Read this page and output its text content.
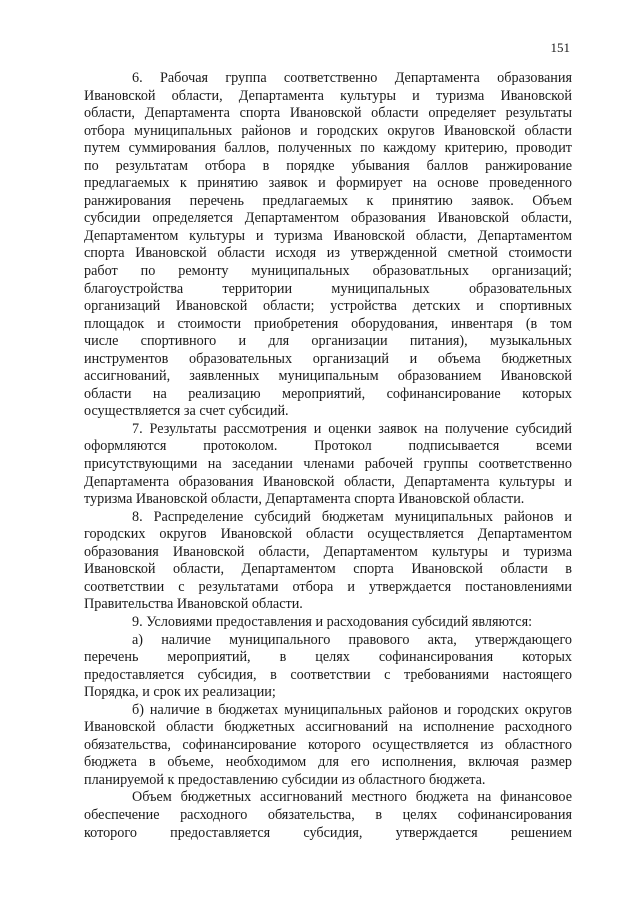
151
6. Рабочая группа соответственно Департамента образования
Ивановской области, Департамента культуры и туризма Ивановской
области, Департамента спорта Ивановской области определяет результаты
отбора муниципальных районов и городских округов Ивановской области
путем суммирования баллов, полученных по каждому критерию, проводит
по результатам отбора в порядке убывания баллов ранжирование
предлагаемых к принятию заявок и формирует на основе проведенного
ранжирования перечень предлагаемых к принятию заявок. Объем
субсидии определяется Департаментом образования Ивановской области,
Департаментом культуры и туризма Ивановской области, Департаментом
спорта Ивановской области исходя из утвержденной сметной стоимости
работ по ремонту муниципальных образоватльных организаций;
благоустройства территории муниципальных образовательных
организаций Ивановской области; устройства детских и спортивных
площадок и стоимости приобретения оборудования, инвентаря (в том
числе спортивного и для организации питания), музыкальных
инструментов образовательных организаций и объема бюджетных
ассигнований, заявленных муниципальным образованием Ивановской
области на реализацию мероприятий, софинансирование которых
осуществляется за счет субсидий.
7. Результаты рассмотрения и оценки заявок на получение субсидий
оформляются протоколом. Протокол подписывается всеми
присутствующими на заседании членами рабочей группы соответственно
Департамента образования Ивановской области, Департамента культуры и
туризма Ивановской области, Департамента спорта Ивановской области.
8. Распределение субсидий бюджетам муниципальных районов и
городских округов Ивановской области осуществляется Департаментом
образования Ивановской области, Департаментом культуры и туризма
Ивановской области, Департаментом спорта Ивановской области в
соответствии с результатами отбора и утверждается постановлениями
Правительства Ивановской области.
9. Условиями предоставления и расходования субсидий являются:
а) наличие муниципального правового акта, утверждающего
перечень мероприятий, в целях софинансирования которых
предоставляется субсидия, в соответствии с требованиями настоящего
Порядка, и срок их реализации;
б) наличие в бюджетах муниципальных районов и городских округов
Ивановской области бюджетных ассигнований на исполнение расходного
обязательства, софинансирование которого осуществляется из областного
бюджета в объеме, необходимом для его исполнения, включая размер
планируемой к предоставлению субсидии из областного бюджета.
Объем бюджетных ассигнований местного бюджета на финансовое
обеспечение расходного обязательства, в целях софинансирования
которого предоставляется субсидия, утверждается решением
